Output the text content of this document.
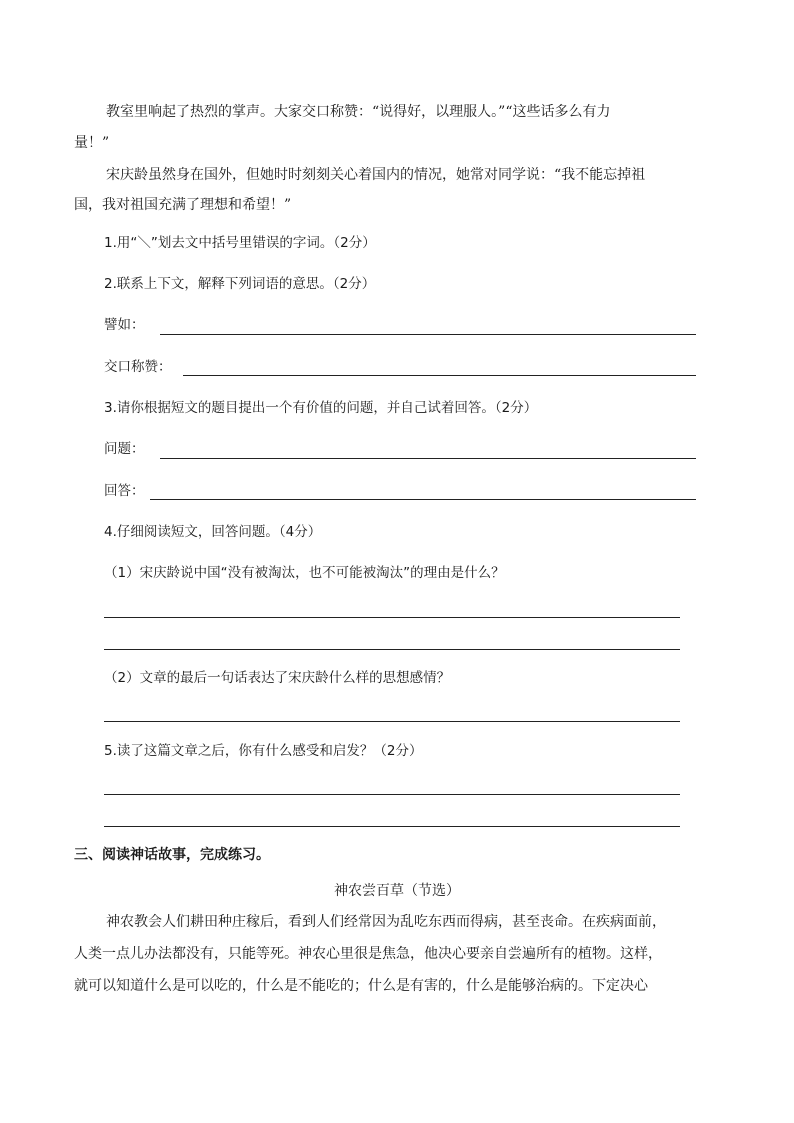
教室里响起了热烈的掌声。大家交口称赞：“说得好，以理服人。”“这些话多么有力
量！”
宋庆龄虽然身在国外，但她时时刻刻关心着国内的情况，她常对同学说：“我不能忘掉祖
国，我对祖国充满了理想和希望！”
1.用“＼”划去文中括号里错误的字词。（2分）
2.联系上下文，解释下列词语的意思。（2分）
譬如：
交口称赞：
3.请你根据短文的题目提出一个有价值的问题，并自己试着回答。（2分）
问题：
回答：
4.仔细阅读短文，回答问题。（4分）
（1）宋庆龄说中国“没有被淘汰，也不可能被淘汰”的理由是什么？
（2）文章的最后一句话表达了宋庆龄什么样的思想感情？
5.读了这篇文章之后，你有什么感受和启发？（2分）
三、阅读神话故事，完成练习。
神农尝百草（节选）
神农教会人们耕田种庄稼后，看到人们经常因为乱吃东西而得病，甚至丧命。在疾病面前，
人类一点儿办法都没有，只能等死。神农心里很是焦急，他决心要亲自尝遍所有的植物。这样，
就可以知道什么是可以吃的，什么是不能吃的；什么是有害的，什么是能够治病的。下定决心
